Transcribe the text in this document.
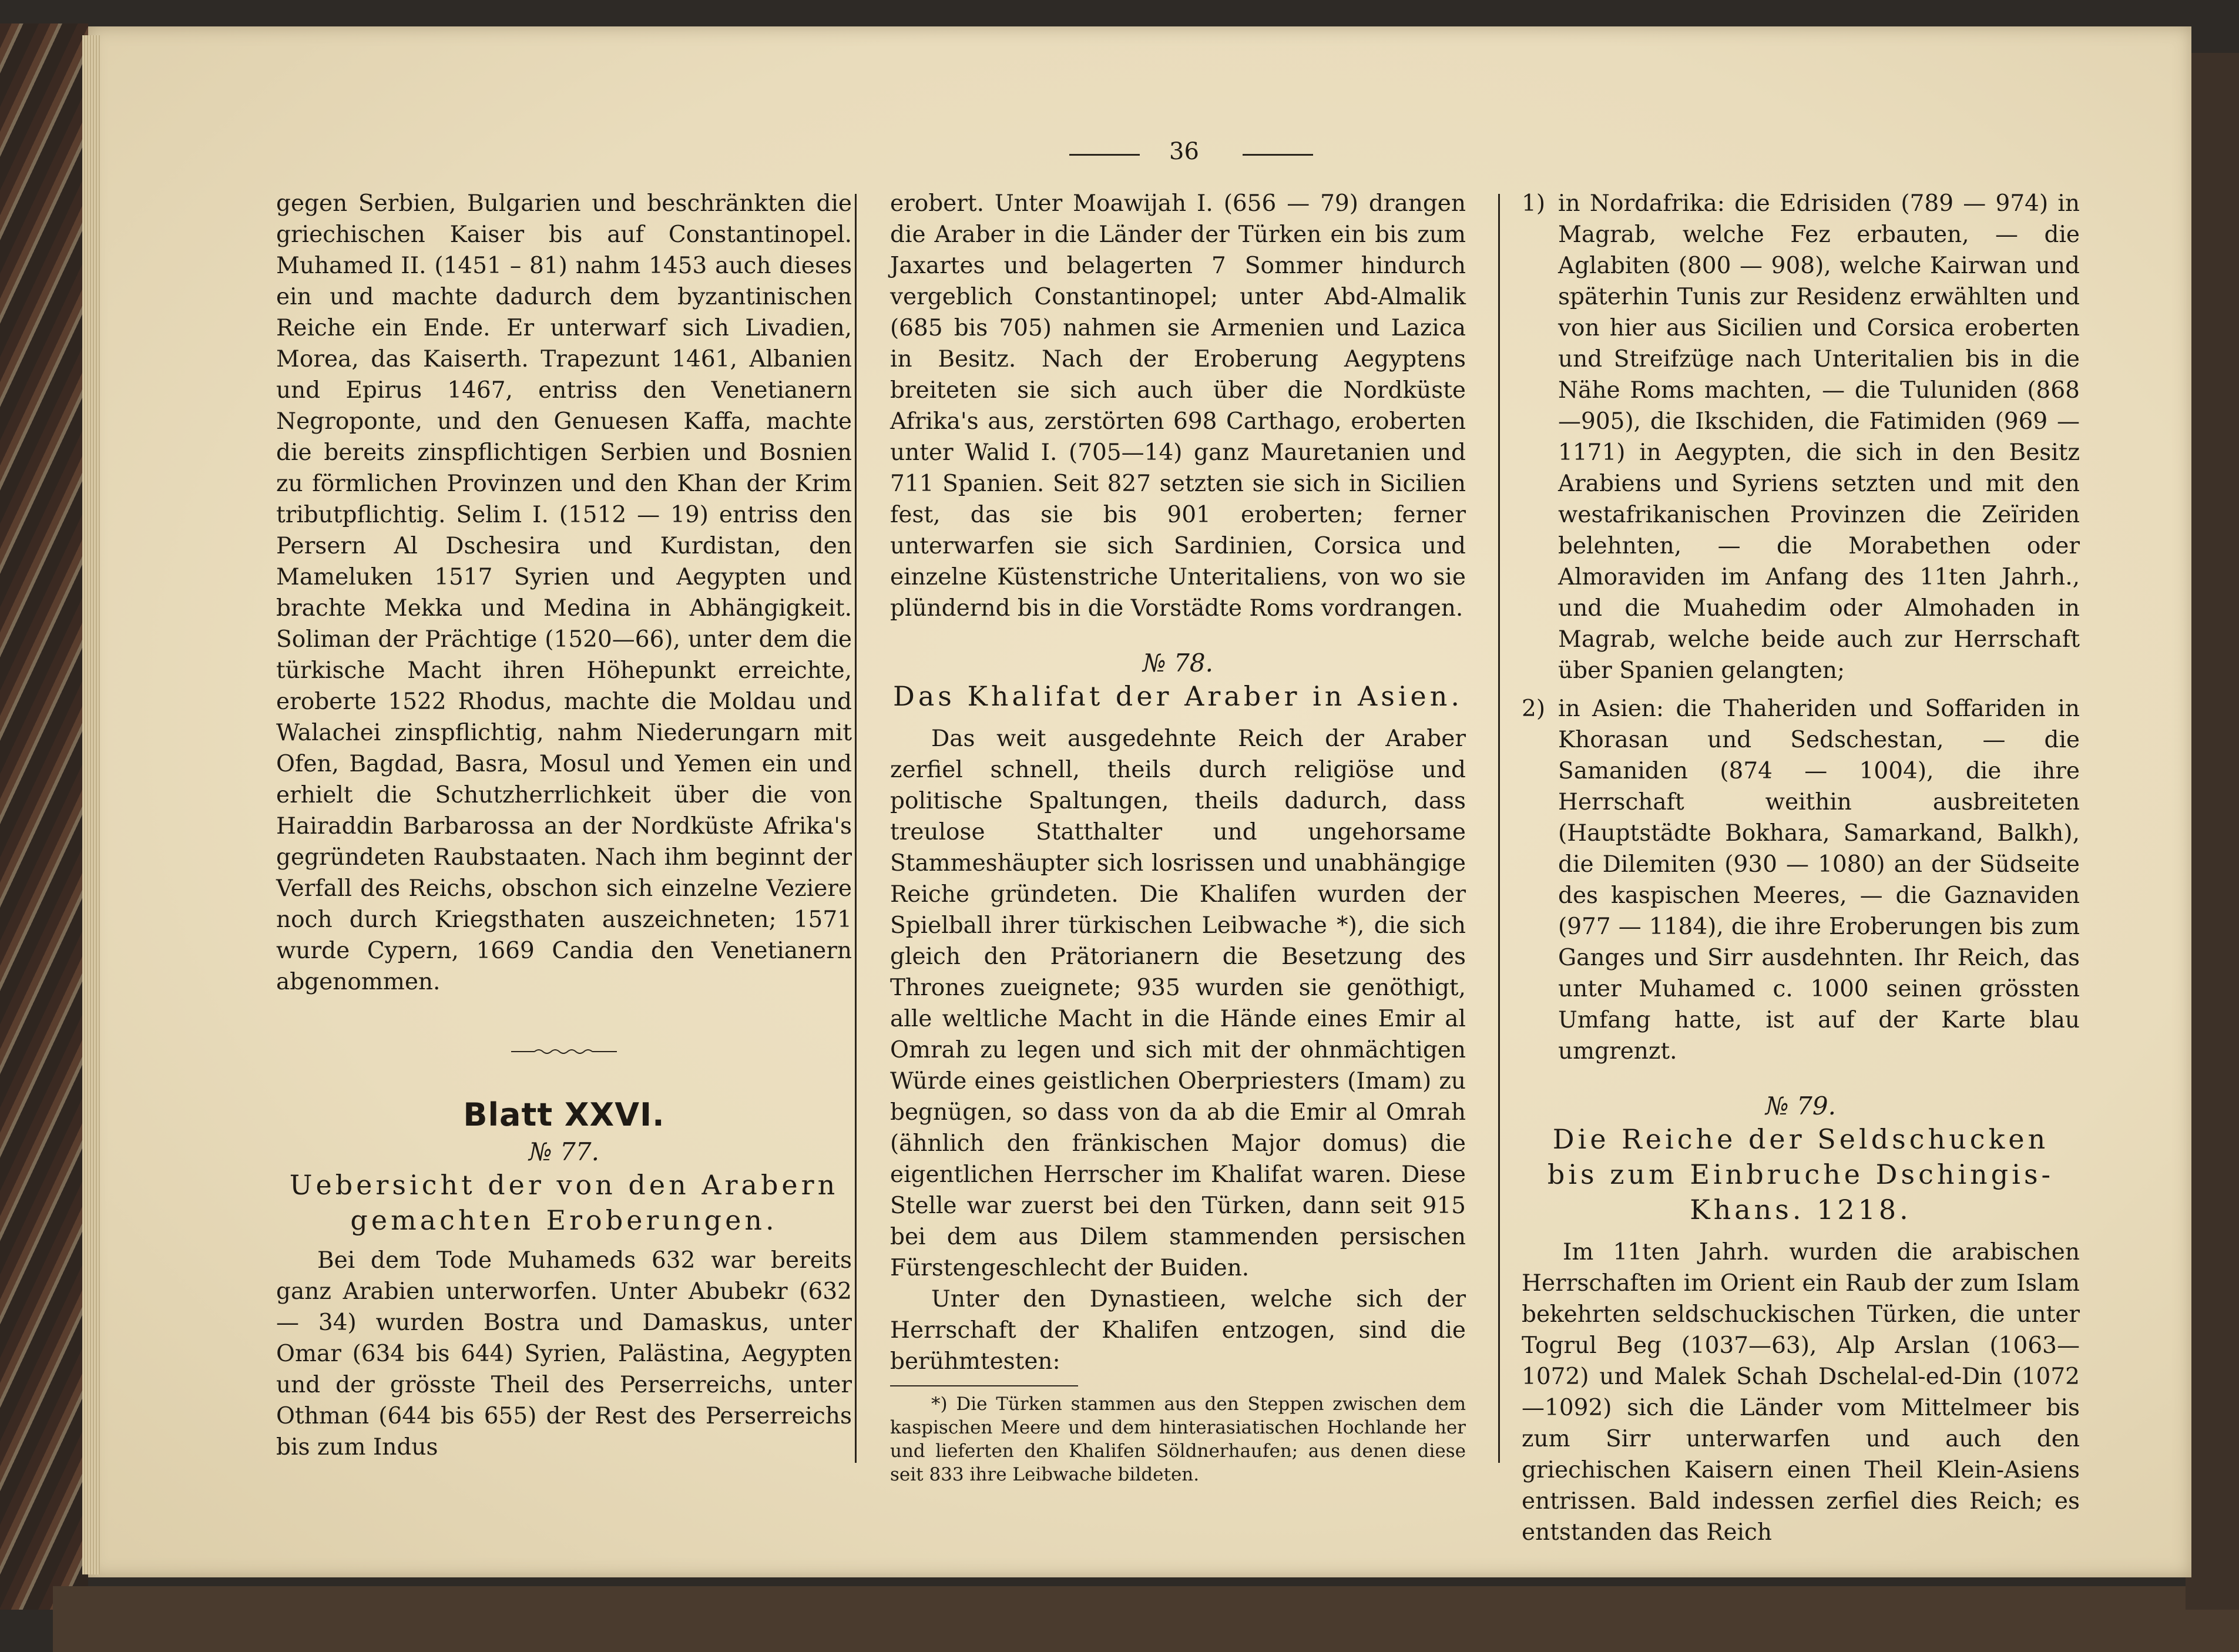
36

gegen Serbien, Bulgarien und beschränkten die griechischen Kaiser bis auf Constantinopel. Muhamed II. (1451 – 81) nahm 1453 auch dieses ein und machte dadurch dem byzantinischen Reiche ein Ende. Er unterwarf sich Livadien, Morea, das Kaiserth. Trapezunt 1461, Albanien und Epirus 1467, entriss den Venetianern Negroponte, und den Genuesen Kaffa, machte die bereits zinspflichtigen Serbien und Bosnien zu förmlichen Provinzen und den Khan der Krim tributpflichtig. Selim I. (1512 — 19) entriss den Persern Al Dschesira und Kurdistan, den Mameluken 1517 Syrien und Aegypten und brachte Mekka und Medina in Abhängigkeit. Soliman der Prächtige (1520—66), unter dem die türkische Macht ihren Höhepunkt erreichte, eroberte 1522 Rhodus, machte die Moldau und Walachei zinspflichtig, nahm Niederungarn mit Ofen, Bagdad, Basra, Mosul und Yemen ein und erhielt die Schutzherrlichkeit über die von Hairaddin Barbarossa an der Nordküste Afrika's gegründeten Raubstaaten. Nach ihm beginnt der Verfall des Reichs, obschon sich einzelne Veziere noch durch Kriegsthaten auszeichneten; 1571 wurde Cypern, 1669 Candia den Venetianern abgenommen.

Blatt XXVI.
№ 77.
Uebersicht der von den Arabern gemachten Eroberungen.

Bei dem Tode Muhameds 632 war bereits ganz Arabien unterworfen. Unter Abubekr (632 — 34) wurden Bostra und Damaskus, unter Omar (634 bis 644) Syrien, Palästina, Aegypten und der grösste Theil des Perserreichs, unter Othman (644 bis 655) der Rest des Perserreichs bis zum Indus

erobert. Unter Moawijah I. (656 — 79) drangen die Araber in die Länder der Türken ein bis zum Jaxartes und belagerten 7 Sommer hindurch vergeblich Constantinopel; unter Abd-Almalik (685 bis 705) nahmen sie Armenien und Lazica in Besitz. Nach der Eroberung Aegyptens breiteten sie sich auch über die Nordküste Afrika's aus, zerstörten 698 Carthago, eroberten unter Walid I. (705—14) ganz Mauretanien und 711 Spanien. Seit 827 setzten sie sich in Sicilien fest, das sie bis 901 eroberten; ferner unterwarfen sie sich Sardinien, Corsica und einzelne Küstenstriche Unteritaliens, von wo sie plündernd bis in die Vorstädte Roms vordrangen.

№ 78.
Das Khalifat der Araber in Asien.

Das weit ausgedehnte Reich der Araber zerfiel schnell, theils durch religiöse und politische Spaltungen, theils dadurch, dass treulose Statthalter und ungehorsame Stammeshäupter sich losrissen und unabhängige Reiche gründeten. Die Khalifen wurden der Spielball ihrer türkischen Leibwache *), die sich gleich den Prätorianern die Besetzung des Thrones zueignete; 935 wurden sie genöthigt, alle weltliche Macht in die Hände eines Emir al Omrah zu legen und sich mit der ohnmächtigen Würde eines geistlichen Oberpriesters (Imam) zu begnügen, so dass von da ab die Emir al Omrah (ähnlich den fränkischen Major domus) die eigentlichen Herrscher im Khalifat waren. Diese Stelle war zuerst bei den Türken, dann seit 915 bei dem aus Dilem stammenden persischen Fürstengeschlecht der Buiden.

Unter den Dynastieen, welche sich der Herrschaft der Khalifen entzogen, sind die berühmtesten:

*) Die Türken stammen aus den Steppen zwischen dem kaspischen Meere und dem hinterasiatischen Hochlande her und lieferten den Khalifen Söldnerhaufen; aus denen diese seit 833 ihre Leibwache bildeten.

1) in Nordafrika: die Edrisiden (789 — 974) in Magrab, welche Fez erbauten, — die Aglabiten (800 — 908), welche Kairwan und späterhin Tunis zur Residenz erwählten und von hier aus Sicilien und Corsica eroberten und Streifzüge nach Unteritalien bis in die Nähe Roms machten, — die Tuluniden (868—905), die Ikschiden, die Fatimiden (969 — 1171) in Aegypten, die sich in den Besitz Arabiens und Syriens setzten und mit den westafrikanischen Provinzen die Zeïriden belehnten, — die Morabethen oder Almoraviden im Anfang des 11ten Jahrh., und die Muahedim oder Almohaden in Magrab, welche beide auch zur Herrschaft über Spanien gelangten;

2) in Asien: die Thaheriden und Soffariden in Khorasan und Sedschestan, — die Samaniden (874 — 1004), die ihre Herrschaft weithin ausbreiteten (Hauptstädte Bokhara, Samarkand, Balkh), die Dilemiten (930 — 1080) an der Südseite des kaspischen Meeres, — die Gaznaviden (977 — 1184), die ihre Eroberungen bis zum Ganges und Sirr ausdehnten. Ihr Reich, das unter Muhamed c. 1000 seinen grössten Umfang hatte, ist auf der Karte blau umgrenzt.

№ 79.
Die Reiche der Seldschucken bis zum Einbruche Dschingis-Khans. 1218.

Im 11ten Jahrh. wurden die arabischen Herrschaften im Orient ein Raub der zum Islam bekehrten seldschuckischen Türken, die unter Togrul Beg (1037—63), Alp Arslan (1063—1072) und Malek Schah Dschelal-ed-Din (1072—1092) sich die Länder vom Mittelmeer bis zum Sirr unterwarfen und auch den griechischen Kaisern einen Theil Klein-Asiens entrissen. Bald indessen zerfiel dies Reich; es entstanden das Reich
